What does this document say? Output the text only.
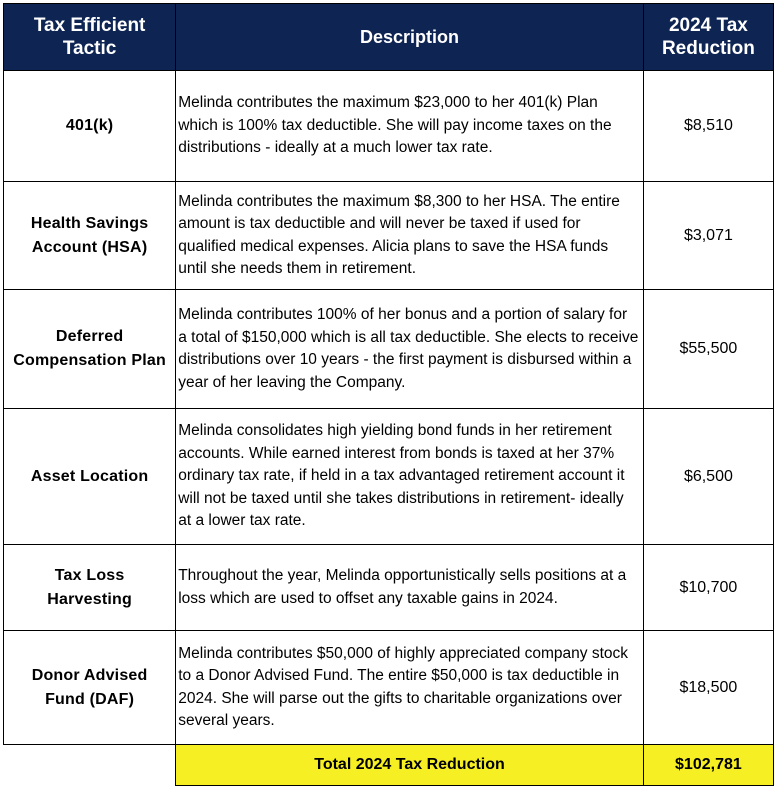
Tax Efficient Tactic	Description	2024 Tax Reduction
401(k)	Melinda contributes the maximum $23,000 to her 401(k) Plan which is 100% tax deductible. She will pay income taxes on the distributions - ideally at a much lower tax rate.	$8,510
Health Savings Account (HSA)	Melinda contributes the maximum $8,300 to her HSA. The entire amount is tax deductible and will never be taxed if used for qualified medical expenses. Alicia plans to save the HSA funds until she needs them in retirement.	$3,071
Deferred Compensation Plan	Melinda contributes 100% of her bonus and a portion of salary for a total of $150,000 which is all tax deductible. She elects to receive distributions over 10 years - the first payment is disbursed within a year of her leaving the Company.	$55,500
Asset Location	Melinda consolidates high yielding bond funds in her retirement accounts. While earned interest from bonds is taxed at her 37% ordinary tax rate, if held in a tax advantaged retirement account it will not be taxed until she takes distributions in retirement- ideally at a lower tax rate.	$6,500
Tax Loss Harvesting	Throughout the year, Melinda opportunistically sells positions at a loss which are used to offset any taxable gains in 2024.	$10,700
Donor Advised Fund (DAF)	Melinda contributes $50,000 of highly appreciated company stock to a Donor Advised Fund. The entire $50,000 is tax deductible in 2024. She will parse out the gifts to charitable organizations over several years.	$18,500
	Total 2024 Tax Reduction	$102,781
